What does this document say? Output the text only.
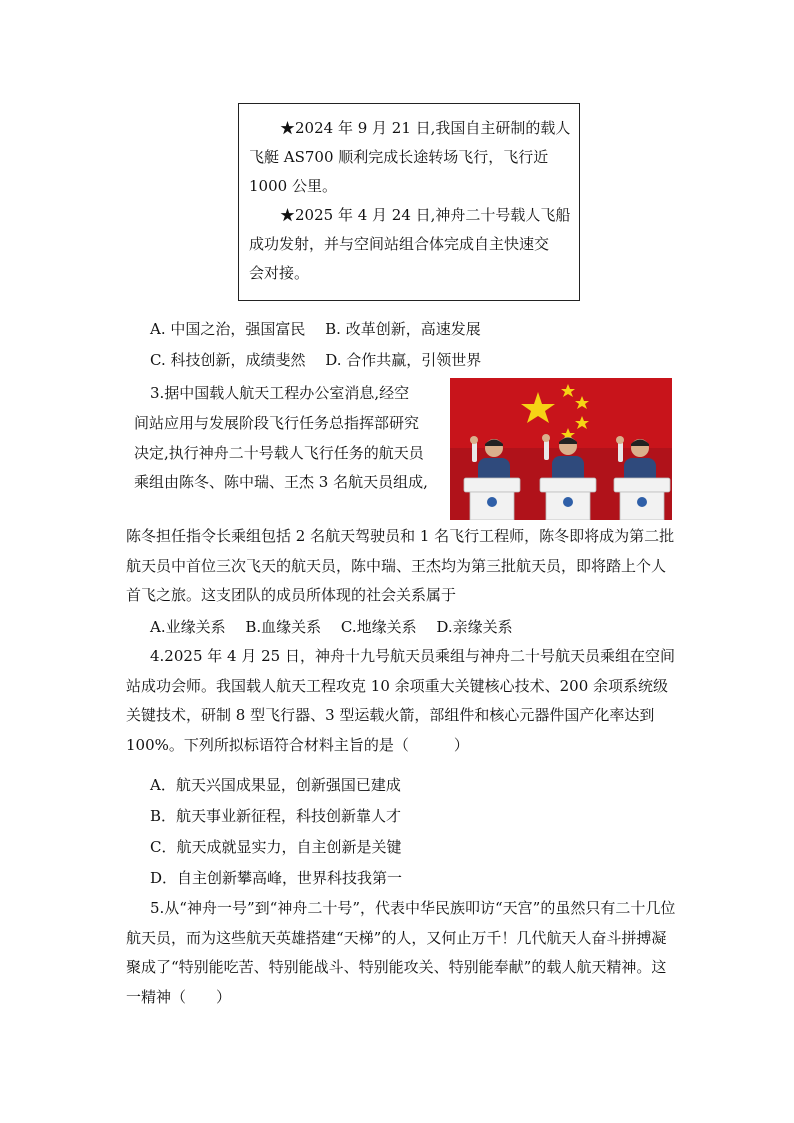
★2024 年 9 月 21 日,我国自主研制的载人

飞艇 AS700 顺利完成长途转场飞行，飞行近

1000 公里。

★2025 年 4 月 24 日,神舟二十号载人飞船

成功发射，并与空间站组合体完成自主快速交

会对接。

A. 中国之治，强国富民　 B. 改革创新，高速发展
C. 科技创新，成绩斐然　 D. 合作共赢，引领世界
3.据中国载人航天工程办公室消息,经空
间站应用与发展阶段飞行任务总指挥部研究
决定,执行神舟二十号载人飞行任务的航天员
乘组由陈冬、陈中瑞、王杰 3 名航天员组成,

陈冬担任指令长乘组包括 2 名航天驾驶员和 1 名飞行工程师，陈冬即将成为第二批航天员中首位三次飞天的航天员，陈中瑞、王杰均为第三批航天员，即将踏上个人首飞之旅。这支团队的成员所体现的社会关系属于

A.业缘关系　 B.血缘关系　 C.地缘关系　 D.亲缘关系

4.2025 年 4 月 25 日，神舟十九号航天员乘组与神舟二十号航天员乘组在空间站成功会师。我国载人航天工程攻克 10 余项重大关键核心技术、200 余项系统级关键技术，研制 8 型飞行器、3 型运载火箭，部组件和核心元器件国产化率达到 100%。下列所拟标语符合材料主旨的是（　　　）

A．航天兴国成果显，创新强国已建成
B．航天事业新征程，科技创新靠人才
C．航天成就显实力，自主创新是关键
D．自主创新攀高峰，世界科技我第一

5.从“神舟一号”到“神舟二十号”，代表中华民族叩访“天宫”的虽然只有二十几位航天员，而为这些航天英雄搭建“天梯”的人，又何止万千！几代航天人奋斗拼搏凝聚成了“特别能吃苦、特别能战斗、特别能攻关、特别能奉献”的载人航天精神。这一精神（　　）
